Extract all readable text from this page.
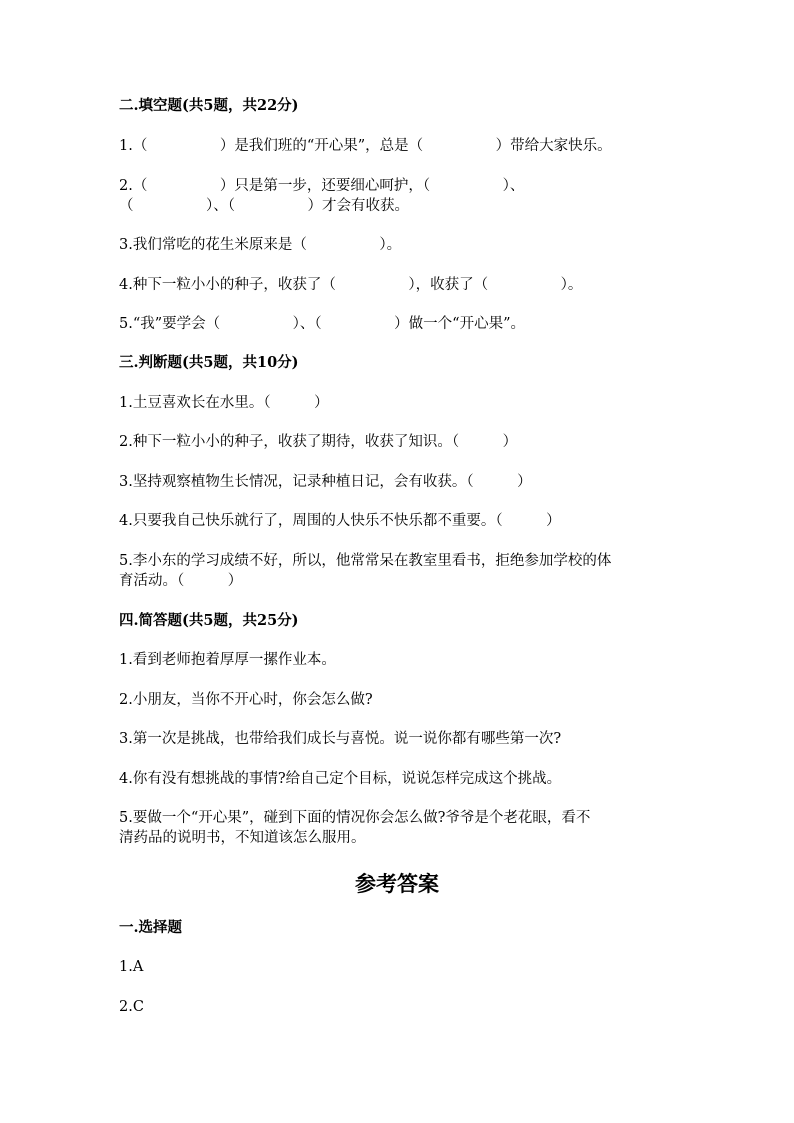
二.填空题(共5题，共22分)
1.（　　　　　）是我们班的“开心果”，总是（　　　　　）带给大家快乐。
2.（　　　　　）只是第一步，还要细心呵护，（　　　　　）、
（　　　　　）、（　　　　　）才会有收获。
3.我们常吃的花生米原来是（　　　　　）。
4.种下一粒小小的种子，收获了（　　　　　），收获了（　　　　　）。
5.“我”要学会（　　　　　）、（　　　　　）做一个“开心果”。
三.判断题(共5题，共10分)
1.土豆喜欢长在水里。（　　　）
2.种下一粒小小的种子，收获了期待，收获了知识。（　　　）
3.坚持观察植物生长情况，记录种植日记，会有收获。（　　　）
4.只要我自己快乐就行了，周围的人快乐不快乐都不重要。（　　　）
5.李小东的学习成绩不好，所以，他常常呆在教室里看书，拒绝参加学校的体
育活动。（　　　）
四.简答题(共5题，共25分)
1.看到老师抱着厚厚一摞作业本。
2.小朋友，当你不开心时，你会怎么做?
3.第一次是挑战，也带给我们成长与喜悦。说一说你都有哪些第一次?
4.你有没有想挑战的事情?给自己定个目标，说说怎样完成这个挑战。
5.要做一个“开心果”，碰到下面的情况你会怎么做?爷爷是个老花眼，看不
清药品的说明书，不知道该怎么服用。
参考答案
一.选择题
1.A
2.C
